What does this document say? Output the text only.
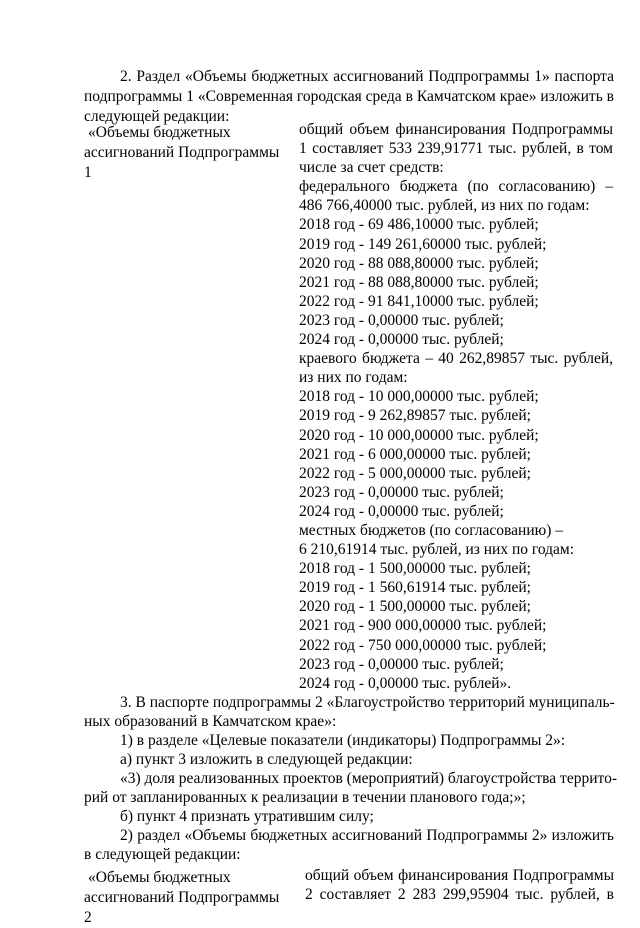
2. Раздел «Объемы бюджетных ассигнований Подпрограммы 1» паспорта
подпрограммы 1 «Современная городская среда в Камчатском крае» изложить в
следующей редакции:
«Объемы бюджетных
ассигнований Подпрограммы 1
общий объем финансирования Подпрограммы
1 составляет 533 239,91771 тыс. рублей, в том
числе за счет средств:
федерального бюджета (по согласованию) –
486 766,40000 тыс. рублей, из них по годам:
2018 год - 69 486,10000 тыс. рублей;
2019 год - 149 261,60000 тыс. рублей;
2020 год - 88 088,80000 тыс. рублей;
2021 год - 88 088,80000 тыс. рублей;
2022 год - 91 841,10000 тыс. рублей;
2023 год - 0,00000 тыс. рублей;
2024 год - 0,00000 тыс. рублей;
краевого бюджета – 40 262,89857 тыс. рублей,
из них по годам:
2018 год - 10 000,00000 тыс. рублей;
2019 год - 9 262,89857 тыс. рублей;
2020 год - 10 000,00000 тыс. рублей;
2021 год - 6 000,00000 тыс. рублей;
2022 год - 5 000,00000 тыс. рублей;
2023 год - 0,00000 тыс. рублей;
2024 год - 0,00000 тыс. рублей;
местных бюджетов (по согласованию) –
6 210,61914 тыс. рублей, из них по годам:
2018 год - 1 500,00000 тыс. рублей;
2019 год - 1 560,61914 тыс. рублей;
2020 год - 1 500,00000 тыс. рублей;
2021 год - 900 000,00000 тыс. рублей;
2022 год - 750 000,00000 тыс. рублей;
2023 год - 0,00000 тыс. рублей;
2024 год - 0,00000 тыс. рублей».
3. В паспорте подпрограммы 2 «Благоустройство территорий муниципаль-
ных образований в Камчатском крае»:
1) в разделе «Целевые показатели (индикаторы) Подпрограммы 2»:
а) пункт 3 изложить в следующей редакции:
«3) доля реализованных проектов (мероприятий) благоустройства террито-
рий от запланированных к реализации в течении планового года;»;
б) пункт 4 признать утратившим силу;
2) раздел «Объемы бюджетных ассигнований Подпрограммы 2» изложить
в следующей редакции:
«Объемы бюджетных
ассигнований Подпрограммы 2
общий объем финансирования Подпрограммы
2 составляет 2 283 299,95904 тыс. рублей, в
